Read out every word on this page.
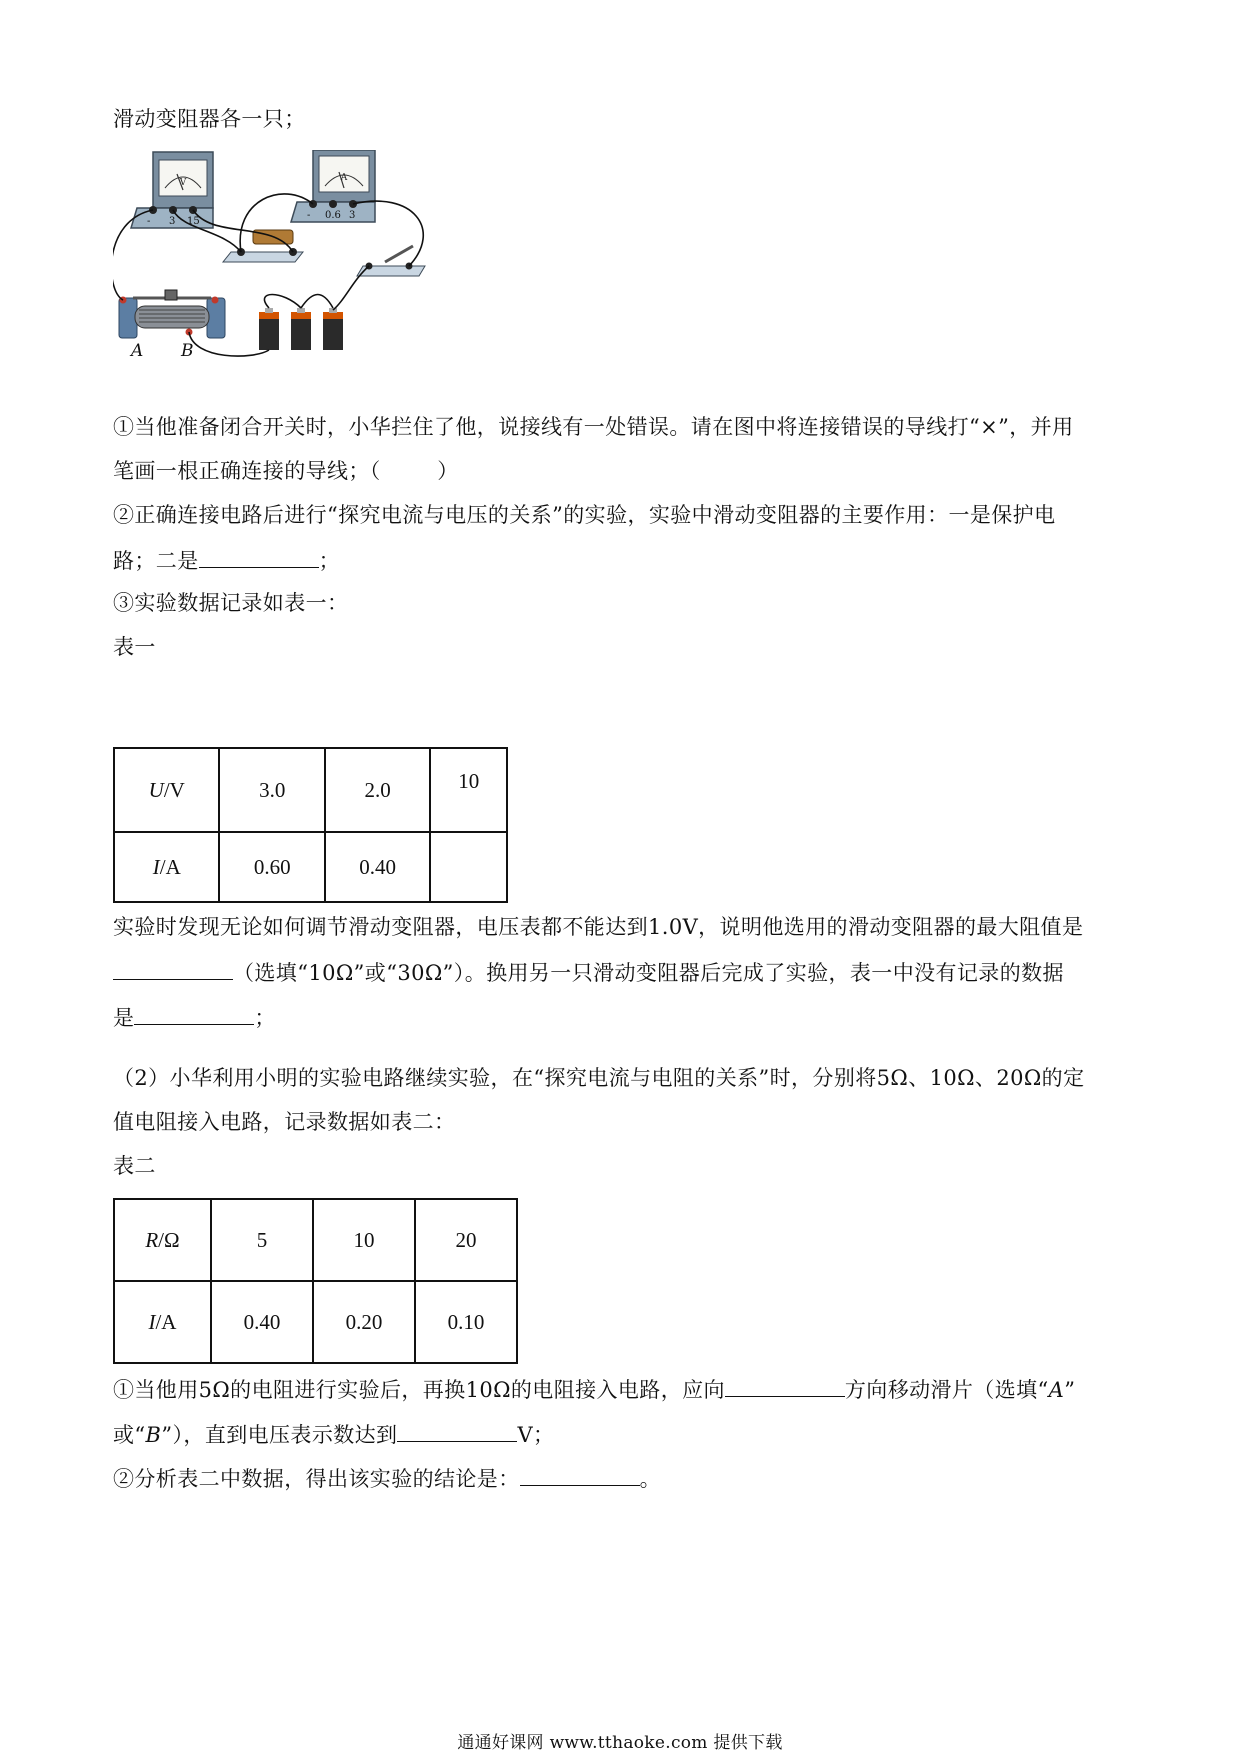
滑动变阻器各一只；
V
- 3 15
A
- 0.6 3
A B
①当他准备闭合开关时，小华拦住了他，说接线有一处错误。请在图中将连接错误的导线打“×”，并用
笔画一根正确连接的导线；（        ）
②正确连接电路后进行“探究电流与电压的关系”的实验，实验中滑动变阻器的主要作用：一是保护电
路；二是	；
③实验数据记录如表一：
表一
U/V	3.0	2.0	10
I/A	0.60	0.40	
实验时发现无论如何调节滑动变阻器，电压表都不能达到1.0V，说明他选用的滑动变阻器的最大阻值是
（选填“10Ω”或“30Ω”）。换用另一只滑动变阻器后完成了实验，表一中没有记录的数据
是	；
（2）小华利用小明的实验电路继续实验，在“探究电流与电阻的关系”时，分别将5Ω、10Ω、20Ω的定
值电阻接入电路，记录数据如表二：
表二
R/Ω	5	10	20
I/A	0.40	0.20	0.10
①当他用5Ω的电阻进行实验后，再换10Ω的电阻接入电路，应向	方向移动滑片（选填“A”
或“B”），直到电压表示数达到	V；
②分析表二中数据，得出该实验的结论是：	。
通通好课网 www.tthaoke.com 提供下载
